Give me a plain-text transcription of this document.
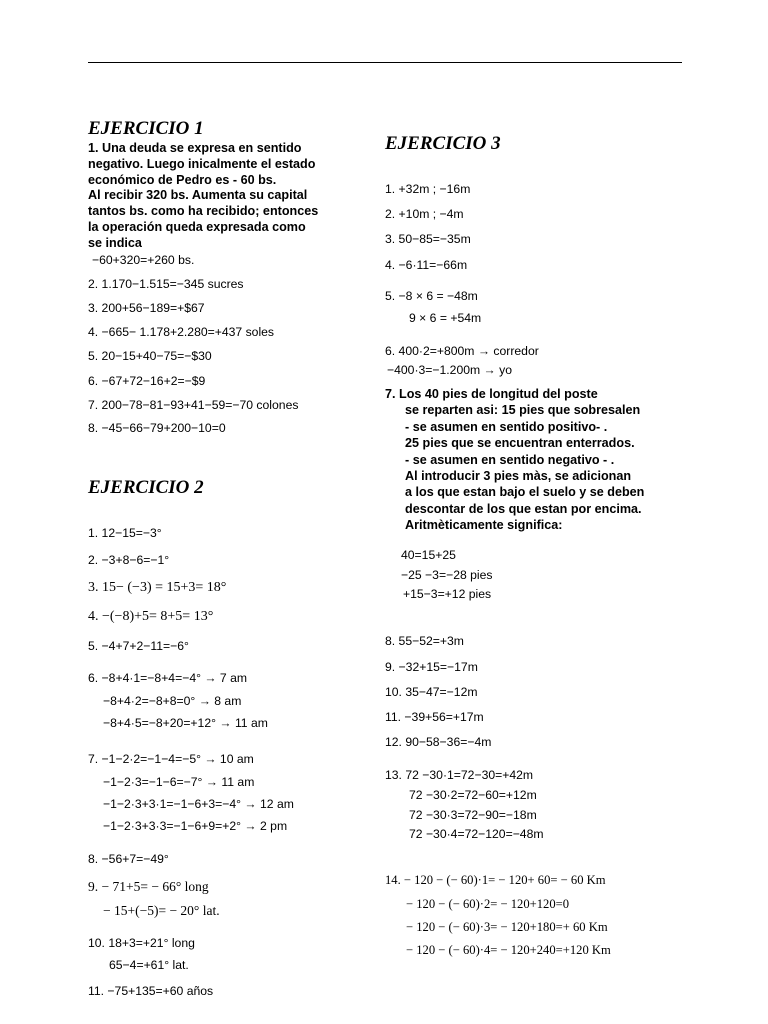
EJERCICIO 1
1. Una deuda se expresa en sentido
negativo. Luego inicalmente el estado
económico de Pedro es - 60 bs.
Al recibir 320 bs. Aumenta su capital
tantos bs. como ha recibido; entonces
la operación queda expresada como
se indica
−60+320=+260 bs.
2. 1.170−1.515=−345 sucres
3. 200+56−189=+$67
4. −665− 1.178+2.280=+437 soles
5. 20−15+40−75=−$30
6. −67+72−16+2=−$9
7. 200−78−81−93+41−59=−70 colones
8. −45−66−79+200−10=0
EJERCICIO 2
1. 12−15=−3°
2. −3+8−6=−1°
3. 15− (−3) = 15+3= 18°
4. −(−8)+5= 8+5= 13°
5. −4+7+2−11=−6°
6. −8+4·1=−8+4=−4° → 7 am
−8+4·2=−8+8=0° → 8 am
−8+4·5=−8+20=+12° → 11 am
7. −1−2·2=−1−4=−5° → 10 am
−1−2·3=−1−6=−7° → 11 am
−1−2·3+3·1=−1−6+3=−4° → 12 am
−1−2·3+3·3=−1−6+9=+2° → 2 pm
8. −56+7=−49°
9. − 71+5= − 66° long
− 15+(−5)= − 20° lat.
10. 18+3=+21° long
65−4=+61° lat.
11. −75+135=+60 años
EJERCICIO 3
1. +32m ; −16m
2. +10m ; −4m
3. 50−85=−35m
4. −6·11=−66m
5. −8 × 6 = −48m
9 × 6 = +54m
6. 400·2=+800m → corredor
−400·3=−1.200m → yo
7. Los 40 pies de longitud del poste
se reparten asi: 15 pies que sobresalen
- se asumen en sentido positivo- .
25 pies que se encuentran enterrados.
- se asumen en sentido negativo - .
Al introducir 3 pies màs, se adicionan
a los que estan bajo el suelo y se deben
descontar de los que estan por encima.
Aritmèticamente significa:
40=15+25
−25 −3=−28 pies
+15−3=+12 pies
8. 55−52=+3m
9. −32+15=−17m
10. 35−47=−12m
11. −39+56=+17m
12. 90−58−36=−4m
13. 72 −30·1=72−30=+42m
72 −30·2=72−60=+12m
72 −30·3=72−90=−18m
72 −30·4=72−120=−48m
14. − 120 − (− 60)·1= − 120+ 60= − 60 Km
− 120 − (− 60)·2= − 120+120=0
− 120 − (− 60)·3= − 120+180=+ 60 Km
− 120 − (− 60)·4= − 120+240=+120 Km
